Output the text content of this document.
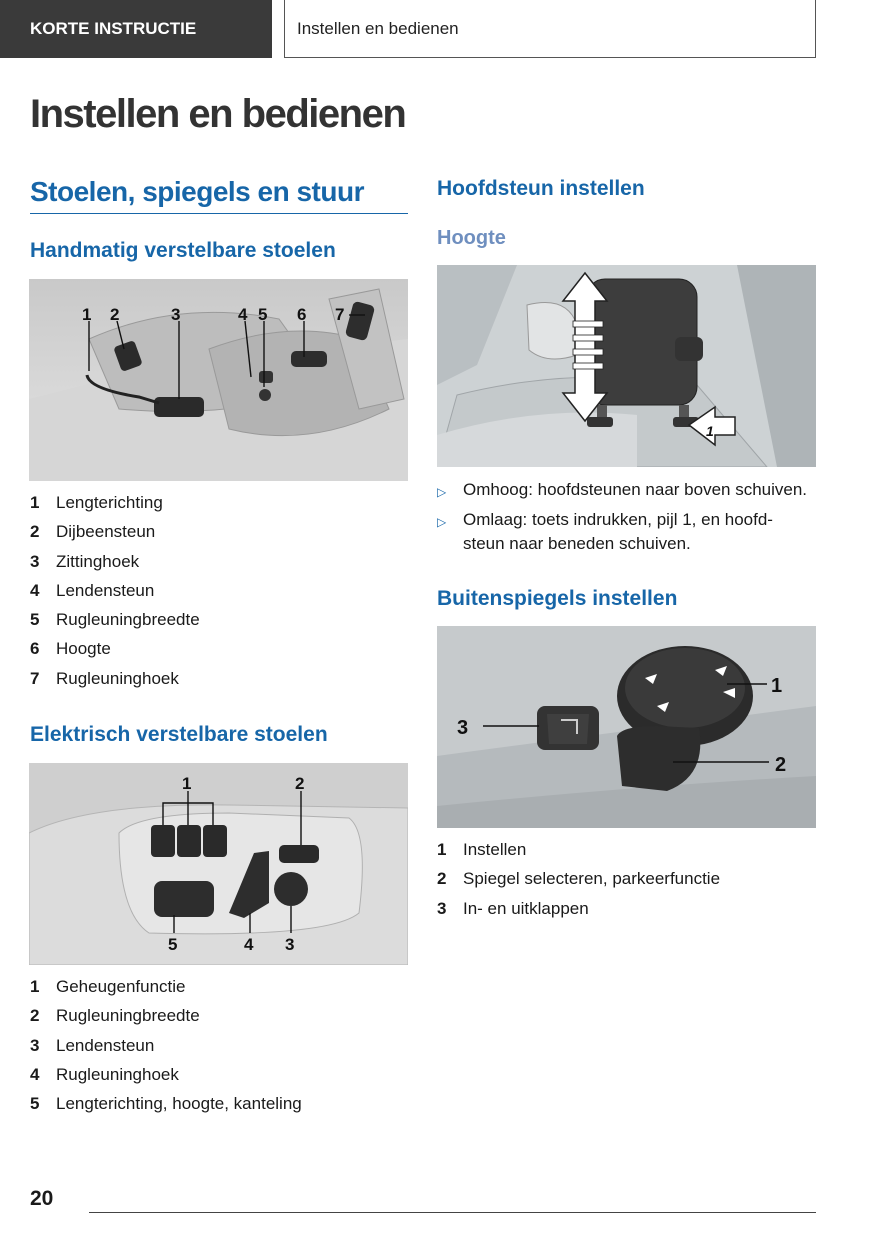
KORTE INSTRUCTIE	Instellen en bedienen
Instellen en bedienen
Stoelen, spiegels en stuur
Handmatig verstelbare stoelen
1 2	3	4 5 6 7
1 Lengterichting
2 Dijbeensteun
3 Zittinghoek
4 Lendensteun
5 Rugleuningbreedte
6 Hoogte
7 Rugleuninghoek
Elektrisch verstelbare stoelen
1	2
5	4 3
1 Geheugenfunctie
2 Rugleuningbreedte
3 Lendensteun
4 Rugleuninghoek
5 Lengterichting, hoogte, kanteling
Hoofdsteun instellen
Hoogte
1
▷ Omhoog: hoofdsteunen naar boven schuiven.
▷ Omlaag: toets indrukken, pijl 1, en hoofd-steun naar beneden schuiven.
Buitenspiegels instellen
1
2
3
1 Instellen
2 Spiegel selecteren, parkeerfunctie
3 In- en uitklappen
20
